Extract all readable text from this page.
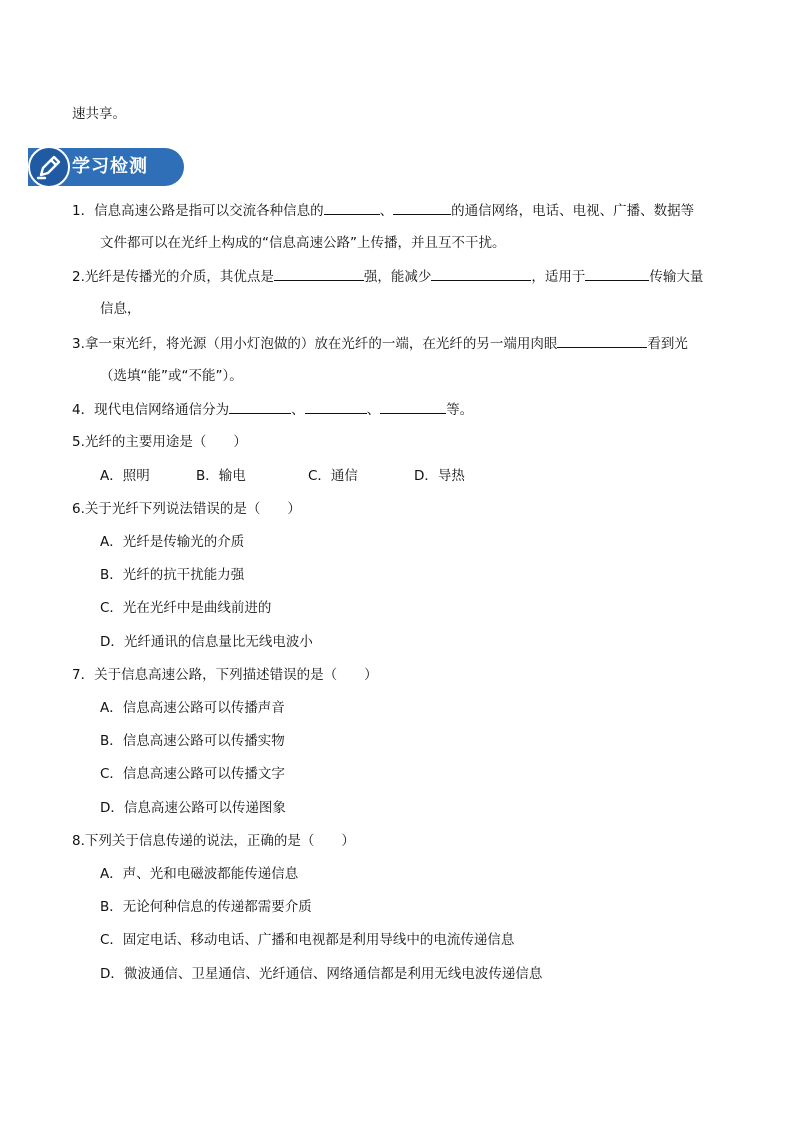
速共享。
学习检测
1．信息高速公路是指可以交流各种信息的	、	的通信网络，电话、电视、广播、数据等
文件都可以在光纤上构成的“信息高速公路”上传播，并且互不干扰。
2.光纤是传播光的介质，其优点是	强，能减少	，适用于	传输大量
信息，
3.拿一束光纤，将光源（用小灯泡做的）放在光纤的一端，在光纤的另一端用肉眼	看到光
（选填“能”或“不能”）。
4．现代电信网络通信分为	、	、	等。
5.光纤的主要用途是（　　）
A．照明	B．输电	C．通信	D．导热
6.关于光纤下列说法错误的是（　　）
A．光纤是传输光的介质
B．光纤的抗干扰能力强
C．光在光纤中是曲线前进的
D．光纤通讯的信息量比无线电波小
7．关于信息高速公路，下列描述错误的是（　　）
A．信息高速公路可以传播声音
B．信息高速公路可以传播实物
C．信息高速公路可以传播文字
D．信息高速公路可以传递图象
8.下列关于信息传递的说法，正确的是（　　）
A．声、光和电磁波都能传递信息
B．无论何种信息的传递都需要介质
C．固定电话、移动电话、广播和电视都是利用导线中的电流传递信息
D．微波通信、卫星通信、光纤通信、网络通信都是利用无线电波传递信息
